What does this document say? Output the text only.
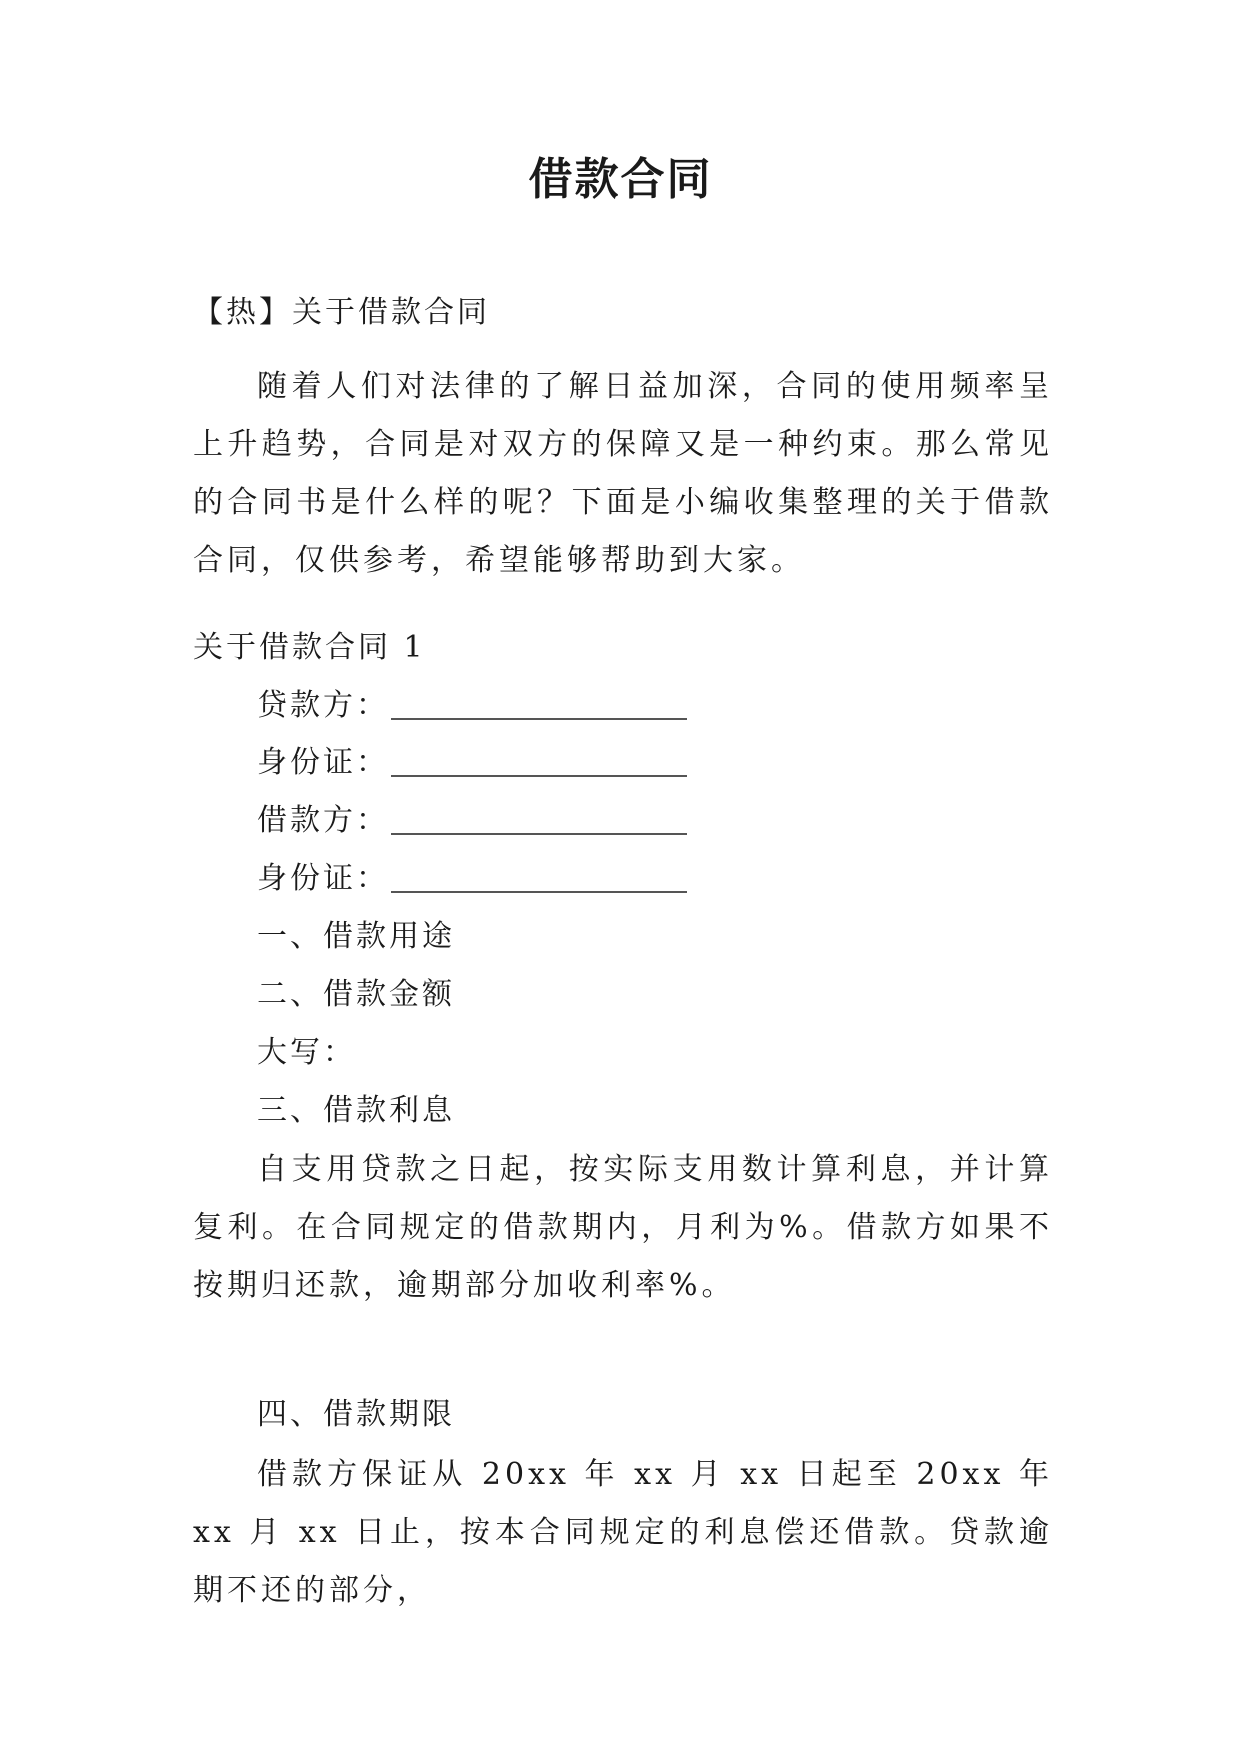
借款合同
【热】关于借款合同
随着人们对法律的了解日益加深，合同的使用频率呈上升趋势，合同是对双方的保障又是一种约束。那么常见的合同书是什么样的呢？下面是小编收集整理的关于借款合同，仅供参考，希望能够帮助到大家。
关于借款合同 1
贷款方：
身份证：
借款方：
身份证：
一、借款用途
二、借款金额
大写：
三、借款利息
自支用贷款之日起，按实际支用数计算利息，并计算复利。在合同规定的借款期内，月利为%。借款方如果不按期归还款，逾期部分加收利率%。
四、借款期限
借款方保证从 20xx 年 xx 月 xx 日起至 20xx 年 xx 月 xx 日止，按本合同规定的利息偿还借款。贷款逾期不还的部分，
